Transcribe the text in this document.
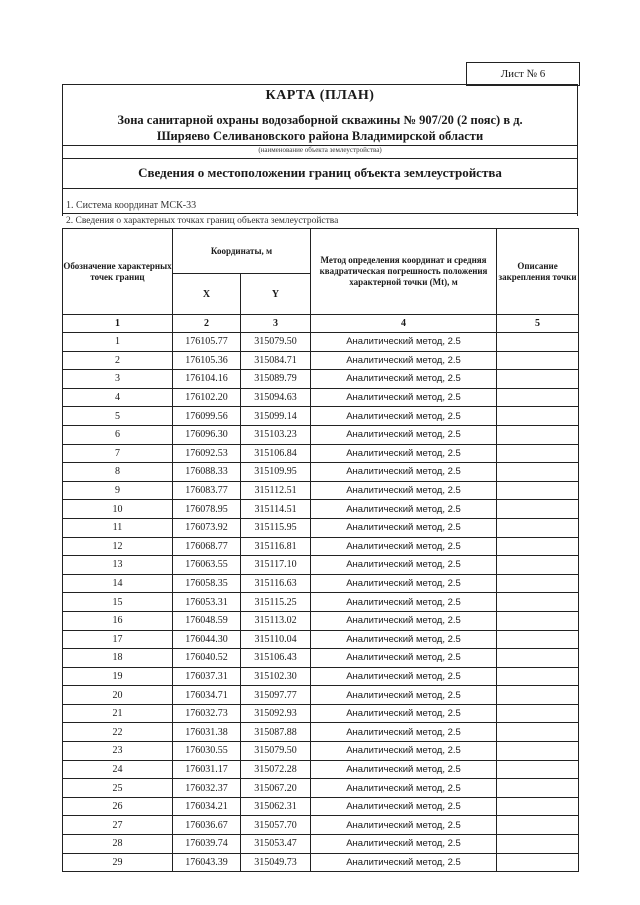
Лист № 6
КАРТА (ПЛАН)
Зона санитарной охраны водозаборной скважины № 907/20 (2 пояс) в д.
Ширяево Селивановского района Владимирской области
(наименование объекта землеустройства)
Сведения о местоположении границ объекта землеустройства
1. Система координат МСК-33
2. Сведения о характерных точках границ объекта землеустройства
Обозначение характерных точек границ	Координаты, м		Метод определения координат и средняя квадратическая погрешность положения характерной точки (Мt), м	Описание закрепления точки
	X	Y		
1	2	3	4	5
1	176105.77	315079.50	Аналитический метод, 2.5	
2	176105.36	315084.71	Аналитический метод, 2.5	
3	176104.16	315089.79	Аналитический метод, 2.5	
4	176102.20	315094.63	Аналитический метод, 2.5	
5	176099.56	315099.14	Аналитический метод, 2.5	
6	176096.30	315103.23	Аналитический метод, 2.5	
7	176092.53	315106.84	Аналитический метод, 2.5	
8	176088.33	315109.95	Аналитический метод, 2.5	
9	176083.77	315112.51	Аналитический метод, 2.5	
10	176078.95	315114.51	Аналитический метод, 2.5	
11	176073.92	315115.95	Аналитический метод, 2.5	
12	176068.77	315116.81	Аналитический метод, 2.5	
13	176063.55	315117.10	Аналитический метод, 2.5	
14	176058.35	315116.63	Аналитический метод, 2.5	
15	176053.31	315115.25	Аналитический метод, 2.5	
16	176048.59	315113.02	Аналитический метод, 2.5	
17	176044.30	315110.04	Аналитический метод, 2.5	
18	176040.52	315106.43	Аналитический метод, 2.5	
19	176037.31	315102.30	Аналитический метод, 2.5	
20	176034.71	315097.77	Аналитический метод, 2.5	
21	176032.73	315092.93	Аналитический метод, 2.5	
22	176031.38	315087.88	Аналитический метод, 2.5	
23	176030.55	315079.50	Аналитический метод, 2.5	
24	176031.17	315072.28	Аналитический метод, 2.5	
25	176032.37	315067.20	Аналитический метод, 2.5	
26	176034.21	315062.31	Аналитический метод, 2.5	
27	176036.67	315057.70	Аналитический метод, 2.5	
28	176039.74	315053.47	Аналитический метод, 2.5	
29	176043.39	315049.73	Аналитический метод, 2.5	
